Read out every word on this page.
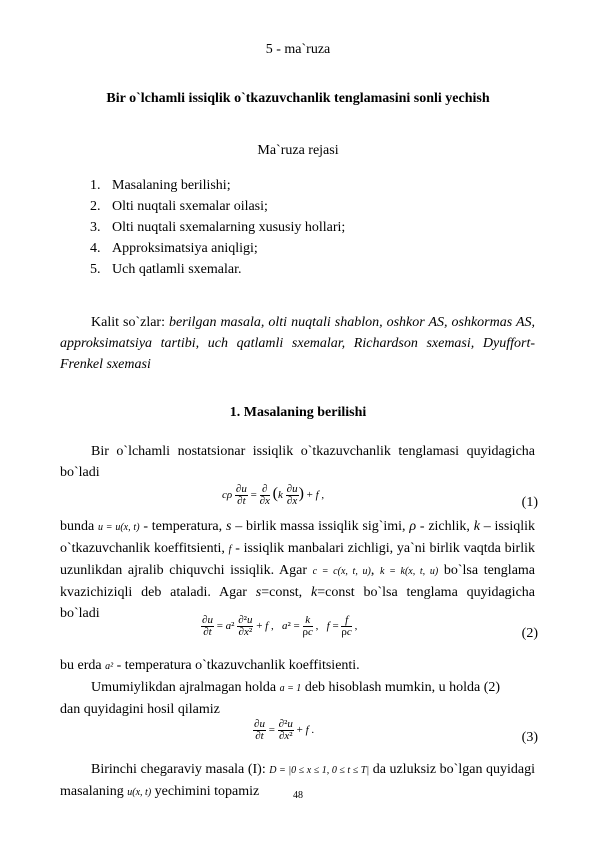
5 - ma`ruza
Bir o`lchamli issiqlik o`tkazuvchanlik tenglamasini sonli yechish
Ma`ruza rejasi
1. Masalaning berilishi;
2. Olti nuqtali sxemalar oilasi;
3. Olti nuqtali sxemalarning xususiy hollari;
4. Approksimatsiya aniqligi;
5. Uch qatlamli sxemalar.
Kalit so`zlar: berilgan masala, olti nuqtali shablon, oshkor AS, oshkormas AS, approksimatsiya tartibi, uch qatlamli sxemalar, Richardson sxemasi, Dyuffort-Frenkel sxemasi
1. Masalaning berilishi
Bir o`lchamli nostatsionar issiqlik o`tkazuvchanlik tenglamasi quyidagicha bo`ladi
cρ $\frac{\partial u}{\partial t} = \frac{\partial}{\partial x} (k \frac{\partial u}{\partial x}$ ) + f ,	(1)
bunda u = u(x, t) - temperatura, s – birlik massa issiqlik sig`imi, ρ - zichlik, k – issiqlik o`tkazuvchanlik koeffitsienti, f - issiqlik manbalari zichligi, ya`ni birlik vaqtda birlik uzunlikdan ajralib chiquvchi issiqlik. Agar c = c(x, t, u), k = k(x, t, u) bo`lsa tenglama kvazichiziqli deb ataladi. Agar s=const, k=const bo`lsa tenglama quyidagicha bo`ladi
$\frac{\partial u}{\partial t} = a^2 \frac{\text{∂²u}}{\text{∂x²}} + f$ ,   $a^2 = \frac{k}{\rho c}$ ,   $f = \frac{f}{\rho c}$ ,	(2)
bu erda a² - temperatura o`tkazuvchanlik koeffitsienti.
Umumiylikdan ajralmagan holda a = 1 deb hisoblash mumkin, u holda (2) dan quyidagini hosil qilamiz
$\frac{\partial u}{\partial t} = \frac{\text{∂²u}}{\text{∂x²}} + f$ .	(3)
Birinchi chegaraviy masala (I): D = |0 ≤ x ≤ 1, 0 ≤ t ≤ T| da uzluksiz bo`lgan quyidagi masalaning u(x, t) yechimini topamiz	48
